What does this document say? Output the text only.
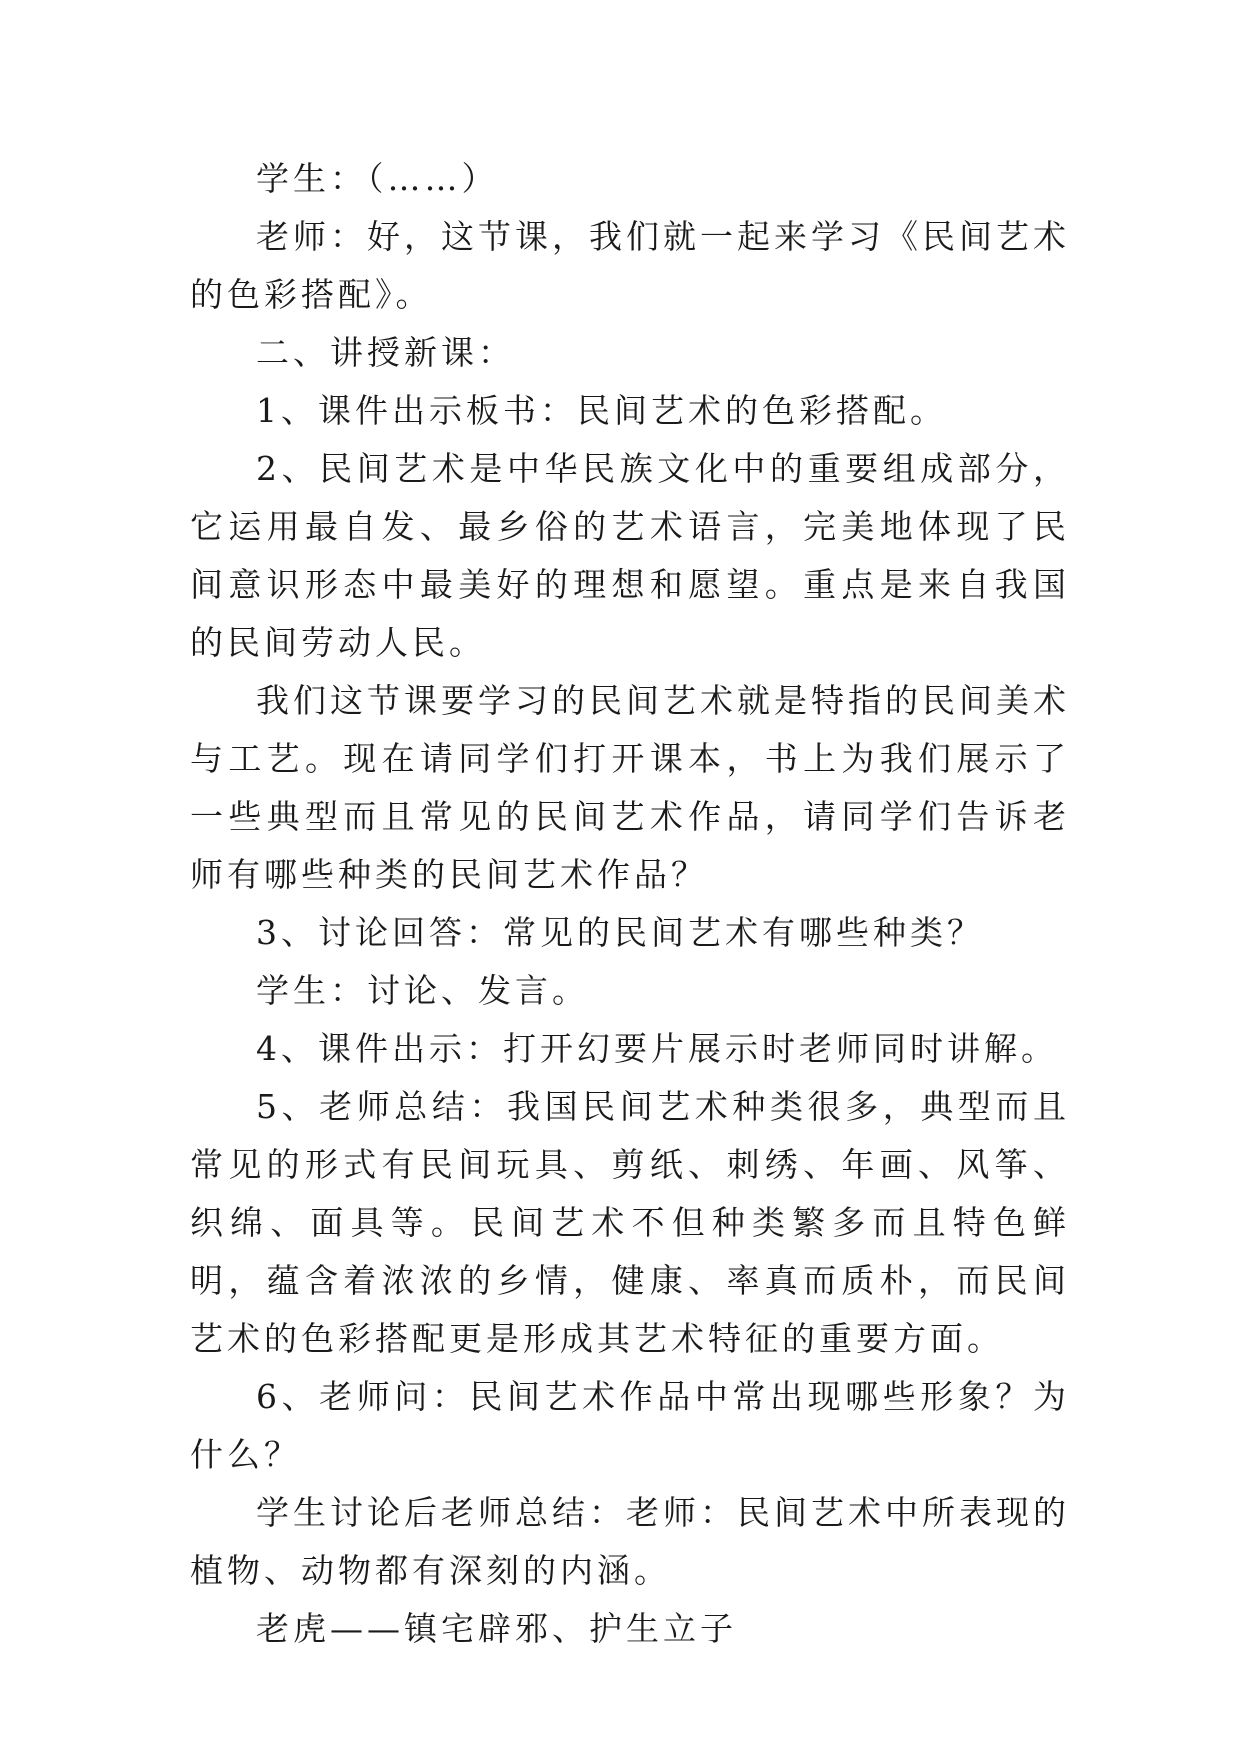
学生：（……）

老师：好，这节课，我们就一起来学习《民间艺术的色彩搭配》。

二、讲授新课：

1、课件出示板书：民间艺术的色彩搭配。

2、民间艺术是中华民族文化中的重要组成部分，它运用最自发、最乡俗的艺术语言，完美地体现了民间意识形态中最美好的理想和愿望。重点是来自我国的民间劳动人民。

我们这节课要学习的民间艺术就是特指的民间美术与工艺。现在请同学们打开课本，书上为我们展示了一些典型而且常见的民间艺术作品，请同学们告诉老师有哪些种类的民间艺术作品？

3、讨论回答：常见的民间艺术有哪些种类？

学生：讨论、发言。

4、课件出示：打开幻要片展示时老师同时讲解。

5、老师总结：我国民间艺术种类很多，典型而且常见的形式有民间玩具、剪纸、刺绣、年画、风筝、织绵、面具等。民间艺术不但种类繁多而且特色鲜明，蕴含着浓浓的乡情，健康、率真而质朴，而民间艺术的色彩搭配更是形成其艺术特征的重要方面。

6、老师问：民间艺术作品中常出现哪些形象？为什么？

学生讨论后老师总结：老师：民间艺术中所表现的植物、动物都有深刻的内涵。

老虎——镇宅辟邪、护生立子
